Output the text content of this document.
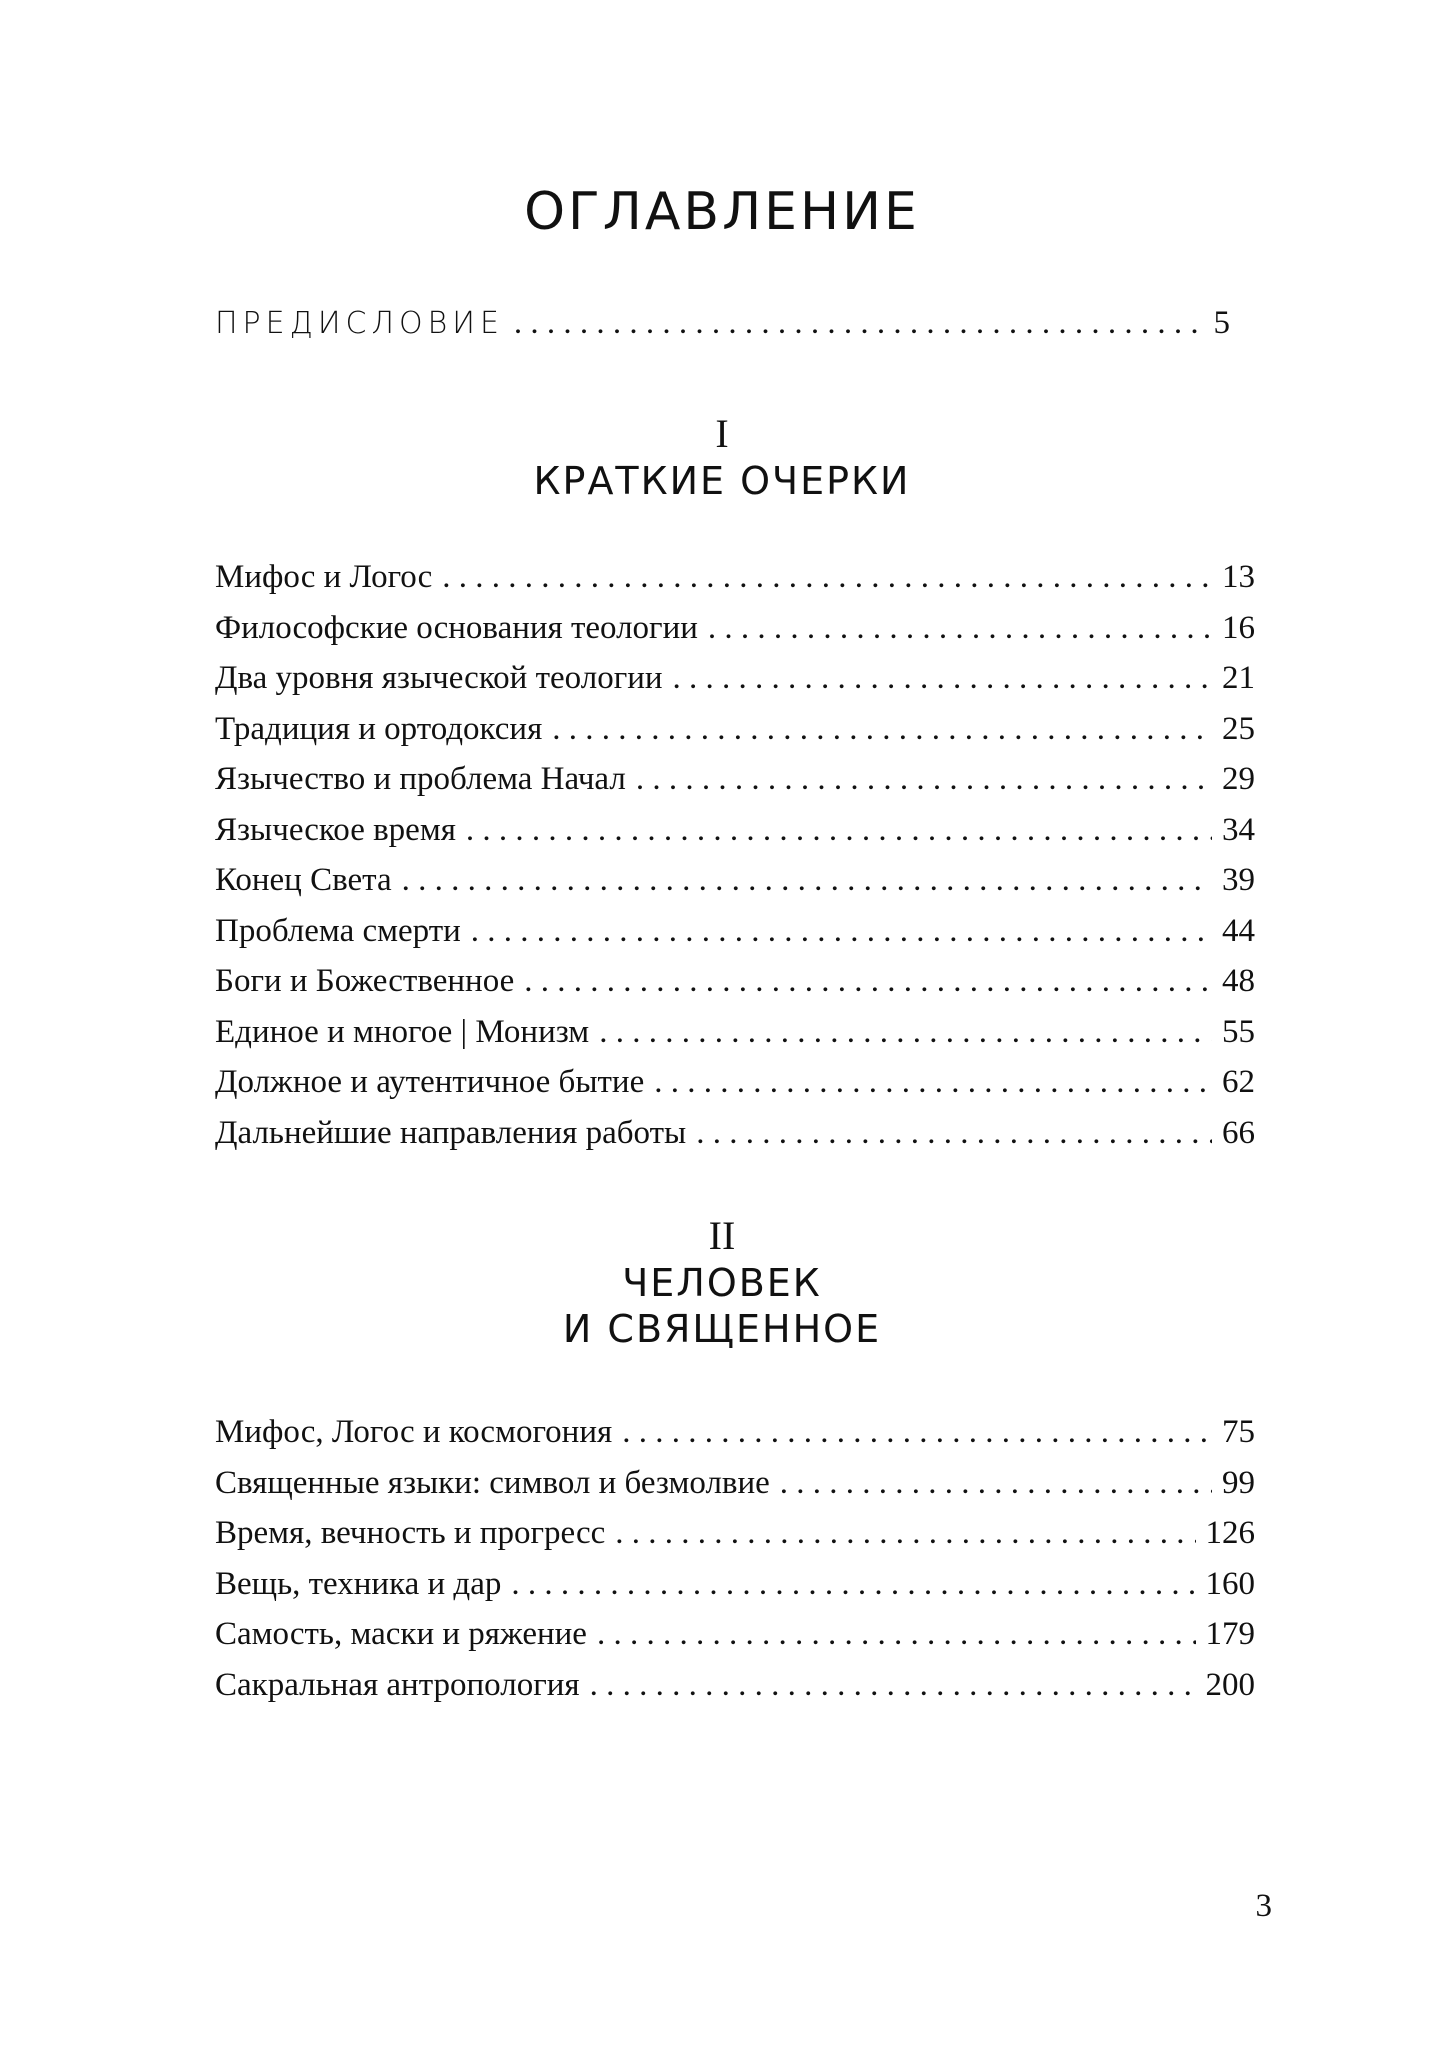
ОГЛАВЛЕНИЕ
ПРЕДИСЛОВИЕ . . .	5
I
КРАТКИЕ ОЧЕРКИ
Мифос и Логос . . .	13
Философские основания теологии . . .	16
Два уровня языческой теологии . . .	21
Традиция и ортодоксия . . .	25
Язычество и проблема Начал . . .	29
Языческое время . . .	34
Конец Света . . .	39
Проблема смерти . . .	44
Боги и Божественное . . .	48
Единое и многое | Монизм . . .	55
Должное и аутентичное бытие . . .	62
Дальнейшие направления работы . . .	66
II
ЧЕЛОВЕК
И СВЯЩЕННОЕ
Мифос, Логос и космогония . . .	75
Священные языки: символ и безмолвие . . .	99
Время, вечность и прогресс . . .	126
Вещь, техника и дар . . .	160
Самость, маски и ряжение . . .	179
Сакральная антропология . . .	200
3
